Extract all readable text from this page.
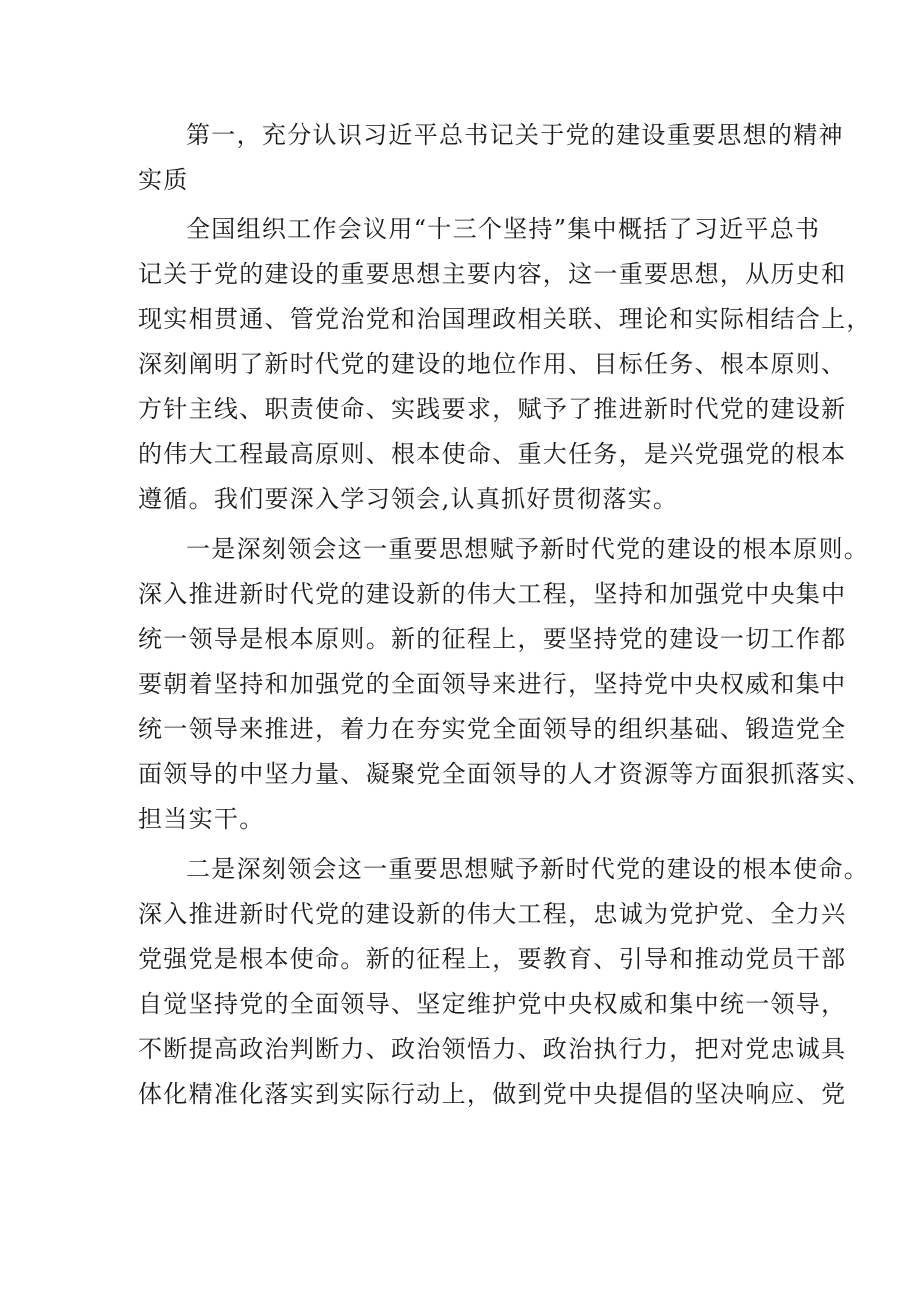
第一，充分认识习近平总书记关于党的建设重要思想的精神
实质
全国组织工作会议用“十三个坚持”集中概括了习近平总书
记关于党的建设的重要思想主要内容，这一重要思想，从历史和
现实相贯通、管党治党和治国理政相关联、理论和实际相结合上，
深刻阐明了新时代党的建设的地位作用、目标任务、根本原则、
方针主线、职责使命、实践要求，赋予了推进新时代党的建设新
的伟大工程最高原则、根本使命、重大任务，是兴党强党的根本
遵循。我们要深入学习领会,认真抓好贯彻落实。
一是深刻领会这一重要思想赋予新时代党的建设的根本原则。
深入推进新时代党的建设新的伟大工程，坚持和加强党中央集中
统一领导是根本原则。新的征程上，要坚持党的建设一切工作都
要朝着坚持和加强党的全面领导来进行，坚持党中央权威和集中
统一领导来推进，着力在夯实党全面领导的组织基础、锻造党全
面领导的中坚力量、凝聚党全面领导的人才资源等方面狠抓落实、
担当实干。
二是深刻领会这一重要思想赋予新时代党的建设的根本使命。
深入推进新时代党的建设新的伟大工程，忠诚为党护党、全力兴
党强党是根本使命。新的征程上，要教育、引导和推动党员干部
自觉坚持党的全面领导、坚定维护党中央权威和集中统一领导，
不断提高政治判断力、政治领悟力、政治执行力，把对党忠诚具
体化精准化落实到实际行动上，做到党中央提倡的坚决响应、党
